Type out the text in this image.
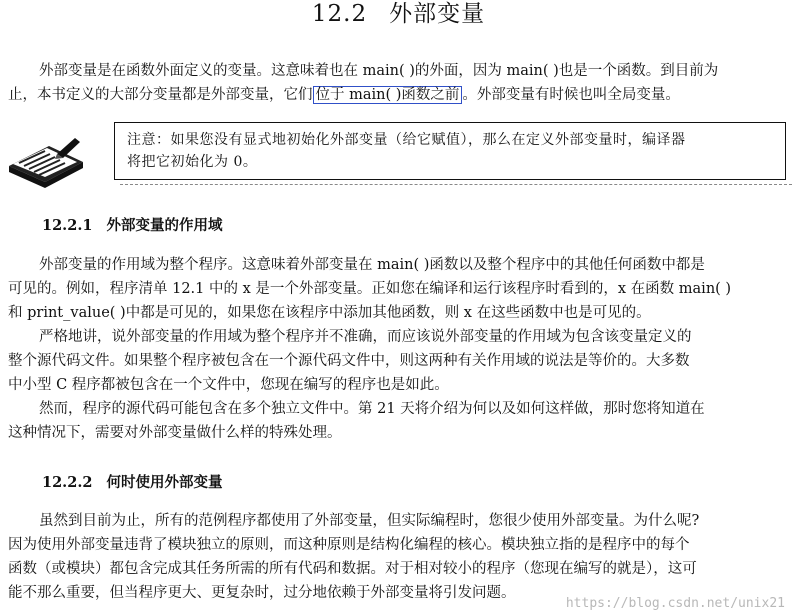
12.2 外部变量
外部变量是在函数外面定义的变量。这意味着也在 main( )的外面，因为 main( )也是一个函数。到目前为
止，本书定义的大部分变量都是外部变量，它们 位于 main( )函数之前 。外部变量有时候也叫全局变量。
注意：如果您没有显式地初始化外部变量（给它赋值），那么在定义外部变量时，编译器
将把它初始化为 0。
12.2.1 外部变量的作用域
外部变量的作用域为整个程序。这意味着外部变量在 main( )函数以及整个程序中的其他任何函数中都是
可见的。例如，程序清单 12.1 中的 x 是一个外部变量。正如您在编译和运行该程序时看到的，x 在函数 main( )
和 print_value( )中都是可见的，如果您在该程序中添加其他函数，则 x 在这些函数中也是可见的。
严格地讲，说外部变量的作用域为整个程序并不准确，而应该说外部变量的作用域为包含该变量定义的
整个源代码文件。如果整个程序被包含在一个源代码文件中，则这两种有关作用域的说法是等价的。大多数
中小型 C 程序都被包含在一个文件中，您现在编写的程序也是如此。
然而，程序的源代码可能包含在多个独立文件中。第 21 天将介绍为何以及如何这样做，那时您将知道在
这种情况下，需要对外部变量做什么样的特殊处理。
12.2.2 何时使用外部变量
虽然到目前为止，所有的范例程序都使用了外部变量，但实际编程时，您很少使用外部变量。为什么呢?
因为使用外部变量违背了模块独立的原则，而这种原则是结构化编程的核心。模块独立指的是程序中的每个
函数（或模块）都包含完成其任务所需的所有代码和数据。对于相对较小的程序（您现在编写的就是），这可
能不那么重要，但当程序更大、更复杂时，过分地依赖于外部变量将引发问题。
https://blog.csdn.net/unix21
